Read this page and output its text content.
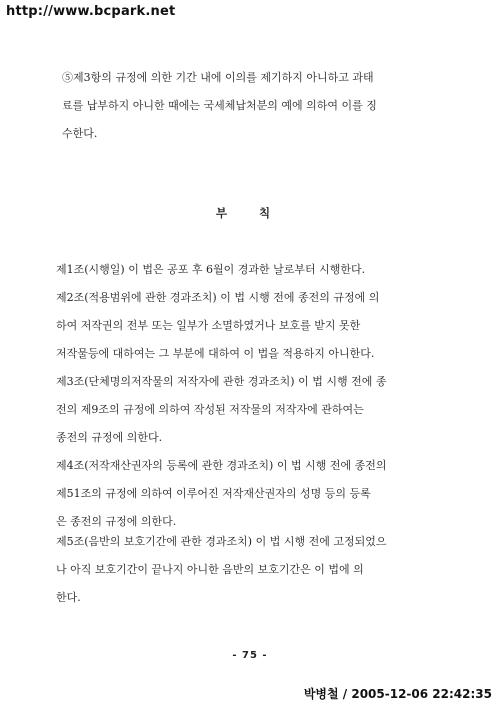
http://www.bcpark.net

⑤제3항의 규정에 의한 기간 내에 이의를 제기하지 아니하고 과태
료를 납부하지 아니한 때에는 국세체납처분의 예에 의하여 이를 징
수한다.

부 칙

제1조(시행일) 이 법은 공포 후 6월이 경과한 날로부터 시행한다.

제2조(적용범위에 관한 경과조치) 이 법 시행 전에 종전의 규정에 의
하여 저작권의 전부 또는 일부가 소멸하였거나 보호를 받지 못한
저작물등에 대하여는 그 부분에 대하여 이 법을 적용하지 아니한다.

제3조(단체명의저작물의 저작자에 관한 경과조치) 이 법 시행 전에 종
전의 제9조의 규정에 의하여 작성된 저작물의 저작자에 관하여는
종전의 규정에 의한다.

제4조(저작재산권자의 등록에 관한 경과조치) 이 법 시행 전에 종전의
제51조의 규정에 의하여 이루어진 저작재산권자의 성명 등의 등록
은 종전의 규정에 의한다.

제5조(음반의 보호기간에 관한 경과조치) 이 법 시행 전에 고정되었으
나 아직 보호기간이 끝나지 아니한 음반의 보호기간은 이 법에 의
한다.

- 75 -
박병철 / 2005-12-06 22:42:35
